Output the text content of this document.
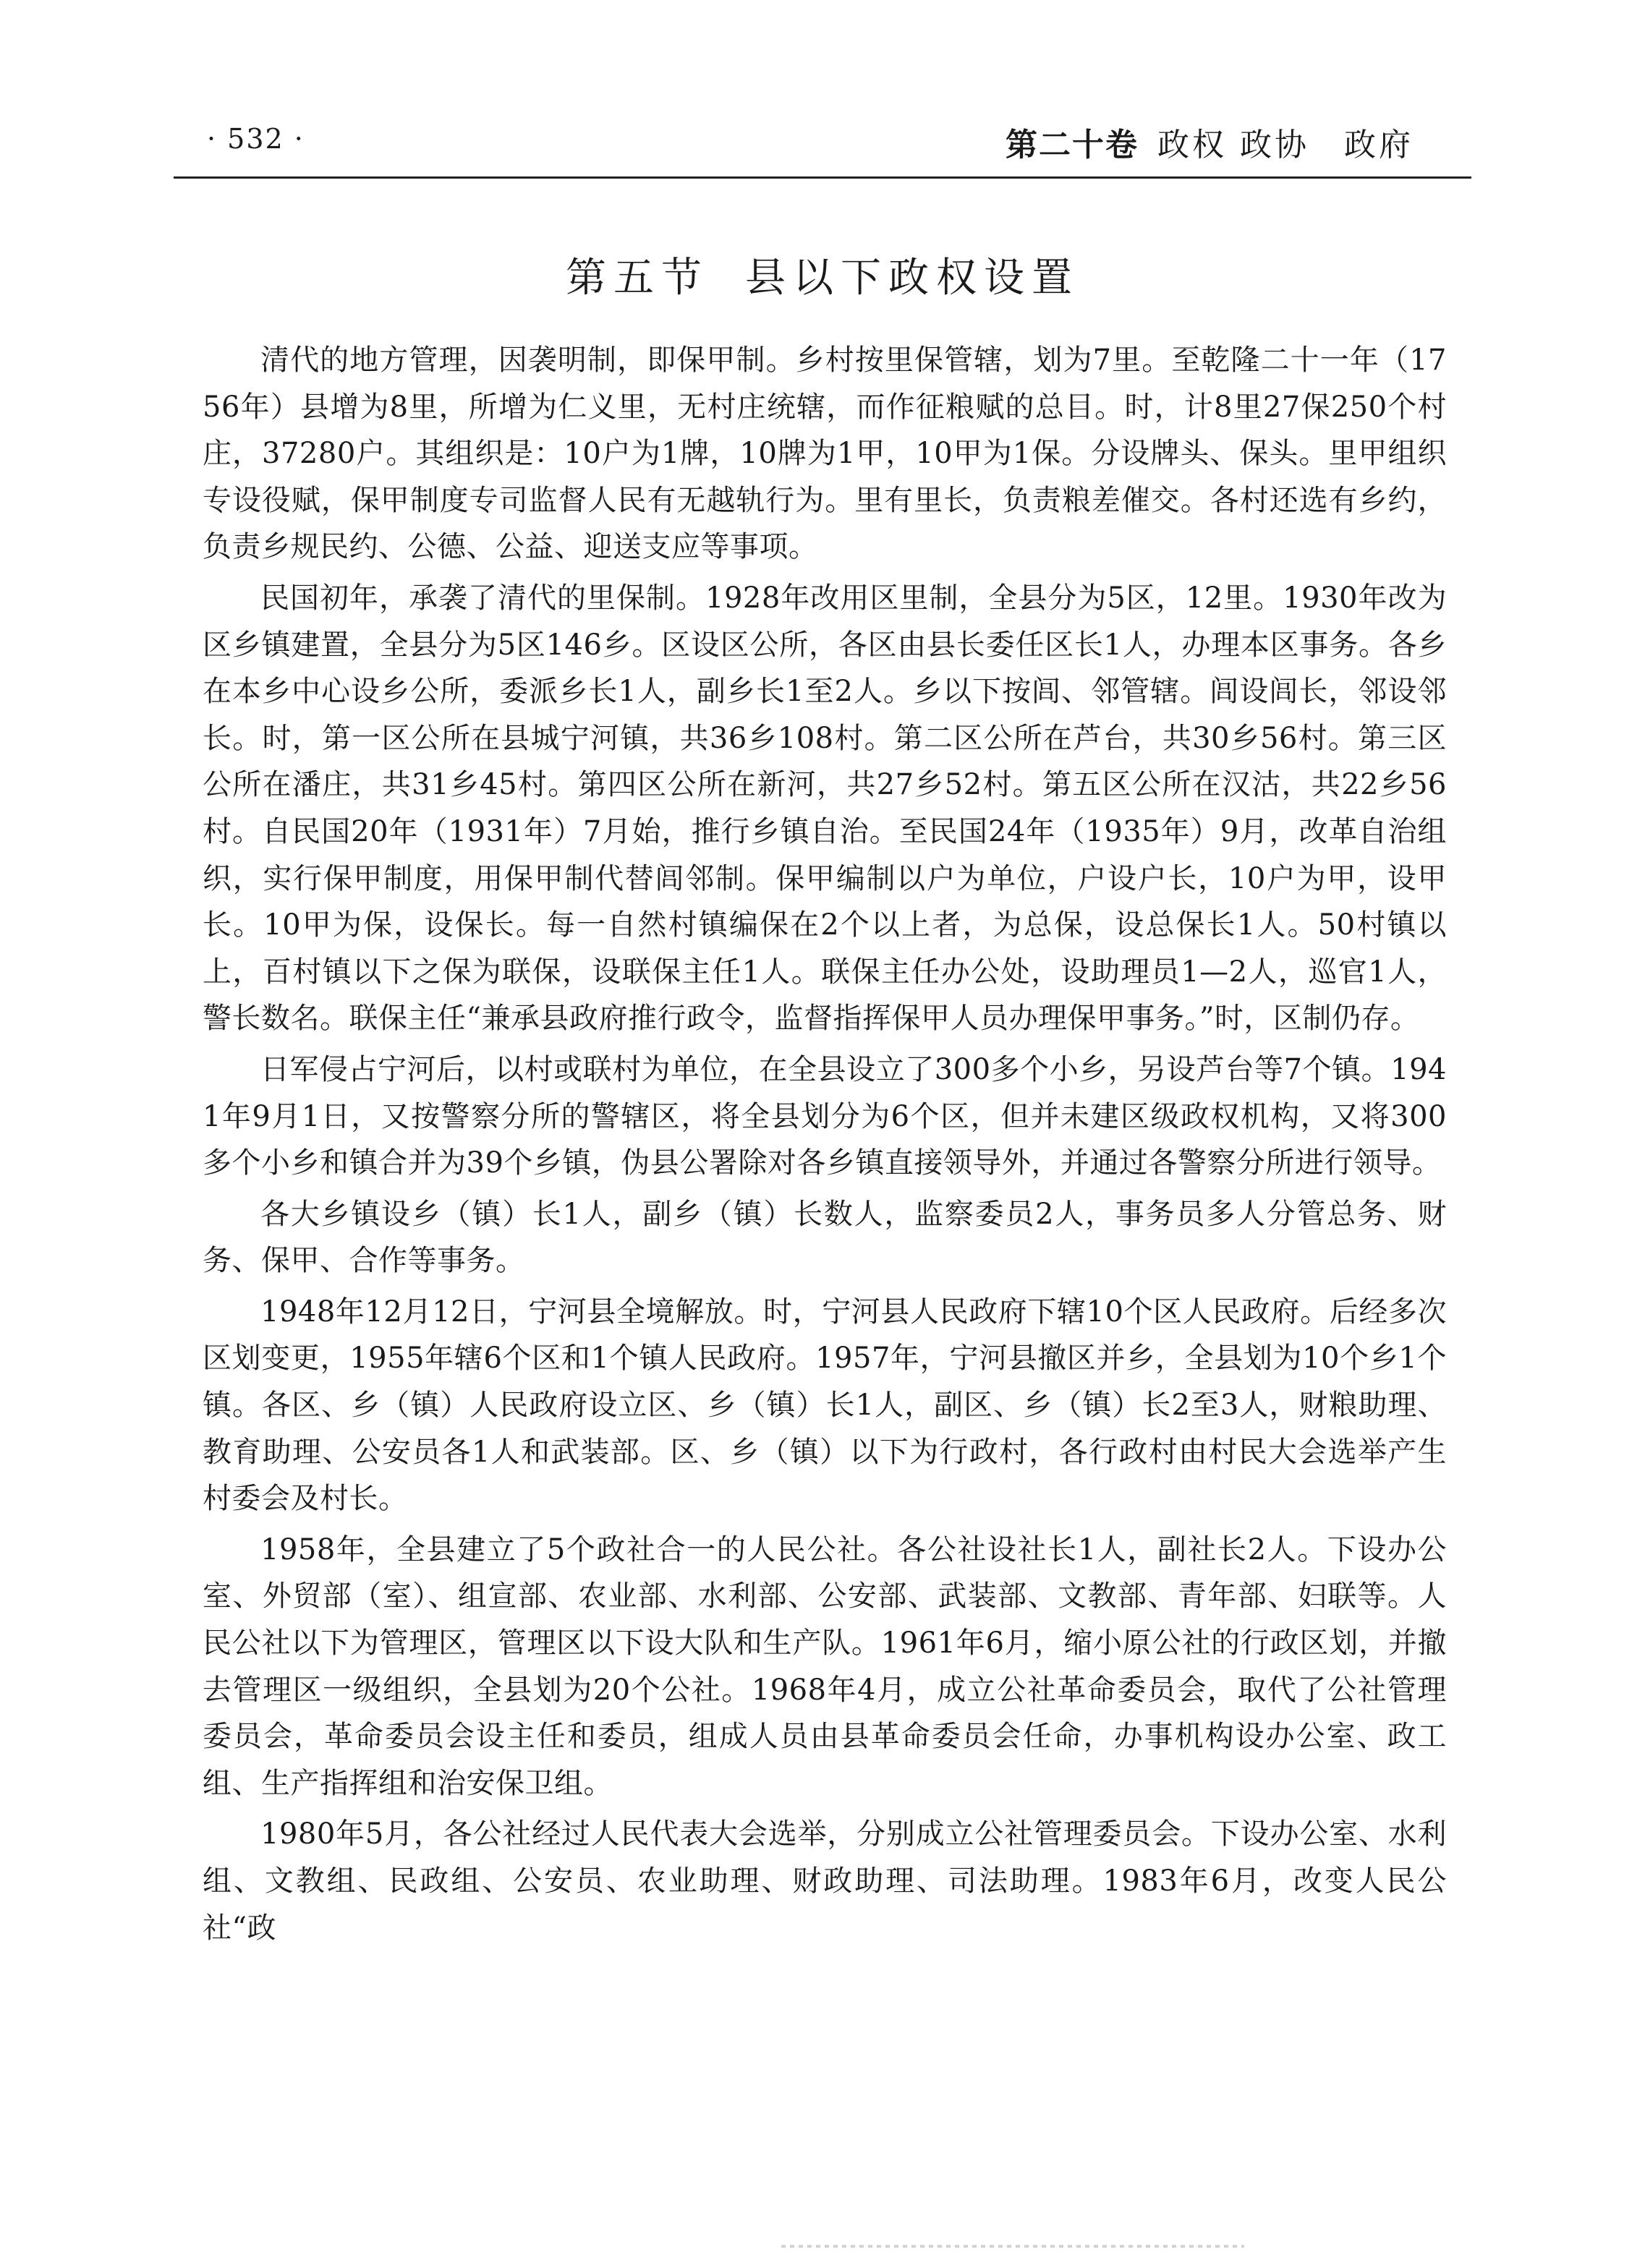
· 532 ·	第二十卷 政权 政协　政府
第五节 县以下政权设置

清代的地方管理，因袭明制，即保甲制。乡村按里保管辖，划为7里。至乾隆二十一年（1756年）县增为8里，所增为仁义里，无村庄统辖，而作征粮赋的总目。时，计8里27保250个村庄，37280户。其组织是：10户为1牌，10牌为1甲，10甲为1保。分设牌头、保头。里甲组织专设役赋，保甲制度专司监督人民有无越轨行为。里有里长，负责粮差催交。各村还选有乡约，负责乡规民约、公德、公益、迎送支应等事项。

民国初年，承袭了清代的里保制。1928年改用区里制，全县分为5区，12里。1930年改为区乡镇建置，全县分为5区146乡。区设区公所，各区由县长委任区长1人，办理本区事务。各乡在本乡中心设乡公所，委派乡长1人，副乡长1至2人。乡以下按闾、邻管辖。闾设闾长，邻设邻长。时，第一区公所在县城宁河镇，共36乡108村。第二区公所在芦台，共30乡56村。第三区公所在潘庄，共31乡45村。第四区公所在新河，共27乡52村。第五区公所在汉沽，共22乡56村。自民国20年（1931年）7月始，推行乡镇自治。至民国24年（1935年）9月，改革自治组织，实行保甲制度，用保甲制代替闾邻制。保甲编制以户为单位，户设户长，10户为甲，设甲长。10甲为保，设保长。每一自然村镇编保在2个以上者，为总保，设总保长1人。50村镇以上，百村镇以下之保为联保，设联保主任1人。联保主任办公处，设助理员1—2人，巡官1人，警长数名。联保主任“兼承县政府推行政令，监督指挥保甲人员办理保甲事务。”时，区制仍存。

日军侵占宁河后，以村或联村为单位，在全县设立了300多个小乡，另设芦台等7个镇。1941年9月1日，又按警察分所的警辖区，将全县划分为6个区，但并未建区级政权机构，又将300多个小乡和镇合并为39个乡镇，伪县公署除对各乡镇直接领导外，并通过各警察分所进行领导。

各大乡镇设乡（镇）长1人，副乡（镇）长数人，监察委员2人，事务员多人分管总务、财务、保甲、合作等事务。

1948年12月12日，宁河县全境解放。时，宁河县人民政府下辖10个区人民政府。后经多次区划变更，1955年辖6个区和1个镇人民政府。1957年，宁河县撤区并乡，全县划为10个乡1个镇。各区、乡（镇）人民政府设立区、乡（镇）长1人，副区、乡（镇）长2至3人，财粮助理、教育助理、公安员各1人和武装部。区、乡（镇）以下为行政村，各行政村由村民大会选举产生村委会及村长。

1958年，全县建立了5个政社合一的人民公社。各公社设社长1人，副社长2人。下设办公室、外贸部（室）、组宣部、农业部、水利部、公安部、武装部、文教部、青年部、妇联等。人民公社以下为管理区，管理区以下设大队和生产队。1961年6月，缩小原公社的行政区划，并撤去管理区一级组织，全县划为20个公社。1968年4月，成立公社革命委员会，取代了公社管理委员会，革命委员会设主任和委员，组成人员由县革命委员会任命，办事机构设办公室、政工组、生产指挥组和治安保卫组。

1980年5月，各公社经过人民代表大会选举，分别成立公社管理委员会。下设办公室、水利组、文教组、民政组、公安员、农业助理、财政助理、司法助理。1983年6月，改变人民公社“政
